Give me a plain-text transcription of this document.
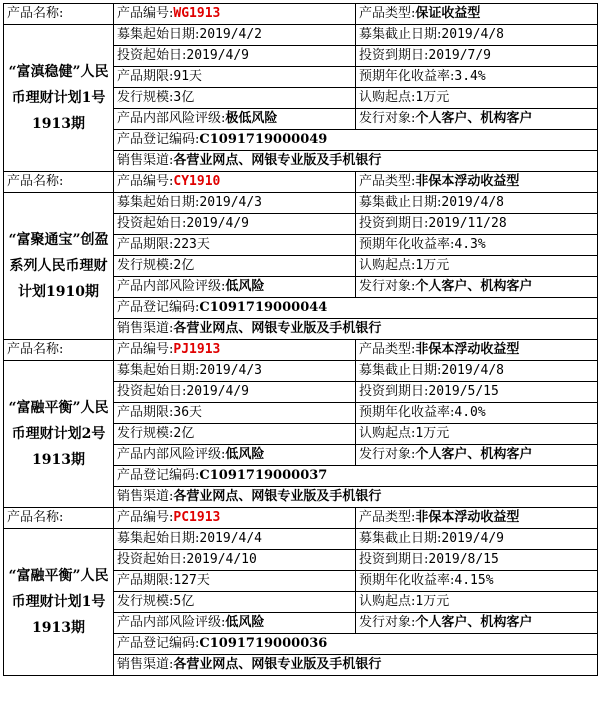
产品名称:	产品编号:WG1913	产品类型:保证收益型
“富滇稳健”人民币理财计划1号1913期	募集起始日期:2019/4/2	募集截止日期:2019/4/8
	投资起始日:2019/4/9	投资到期日:2019/7/9
	产品期限:91天	预期年化收益率:3.4%
	发行规模:3亿	认购起点:1万元
	产品内部风险评级:极低风险	发行对象:个人客户、机构客户
	产品登记编码:C1091719000049	
	销售渠道:各营业网点、网银专业版及手机银行	
产品名称:	产品编号:CY1910	产品类型:非保本浮动收益型
“富聚通宝”创盈系列人民币理财计划1910期	募集起始日期:2019/4/3	募集截止日期:2019/4/8
	投资起始日:2019/4/9	投资到期日:2019/11/28
	产品期限:223天	预期年化收益率:4.3%
	发行规模:2亿	认购起点:1万元
	产品内部风险评级:低风险	发行对象:个人客户、机构客户
	产品登记编码:C1091719000044	
	销售渠道:各营业网点、网银专业版及手机银行	
产品名称:	产品编号:PJ1913	产品类型:非保本浮动收益型
“富融平衡”人民币理财计划2号1913期	募集起始日期:2019/4/3	募集截止日期:2019/4/8
	投资起始日:2019/4/9	投资到期日:2019/5/15
	产品期限:36天	预期年化收益率:4.0%
	发行规模:2亿	认购起点:1万元
	产品内部风险评级:低风险	发行对象:个人客户、机构客户
	产品登记编码:C1091719000037	
	销售渠道:各营业网点、网银专业版及手机银行	
产品名称:	产品编号:PC1913	产品类型:非保本浮动收益型
“富融平衡”人民币理财计划1号1913期	募集起始日期:2019/4/4	募集截止日期:2019/4/9
	投资起始日:2019/4/10	投资到期日:2019/8/15
	产品期限:127天	预期年化收益率:4.15%
	发行规模:5亿	认购起点:1万元
	产品内部风险评级:低风险	发行对象:个人客户、机构客户
	产品登记编码:C1091719000036	
	销售渠道:各营业网点、网银专业版及手机银行	
